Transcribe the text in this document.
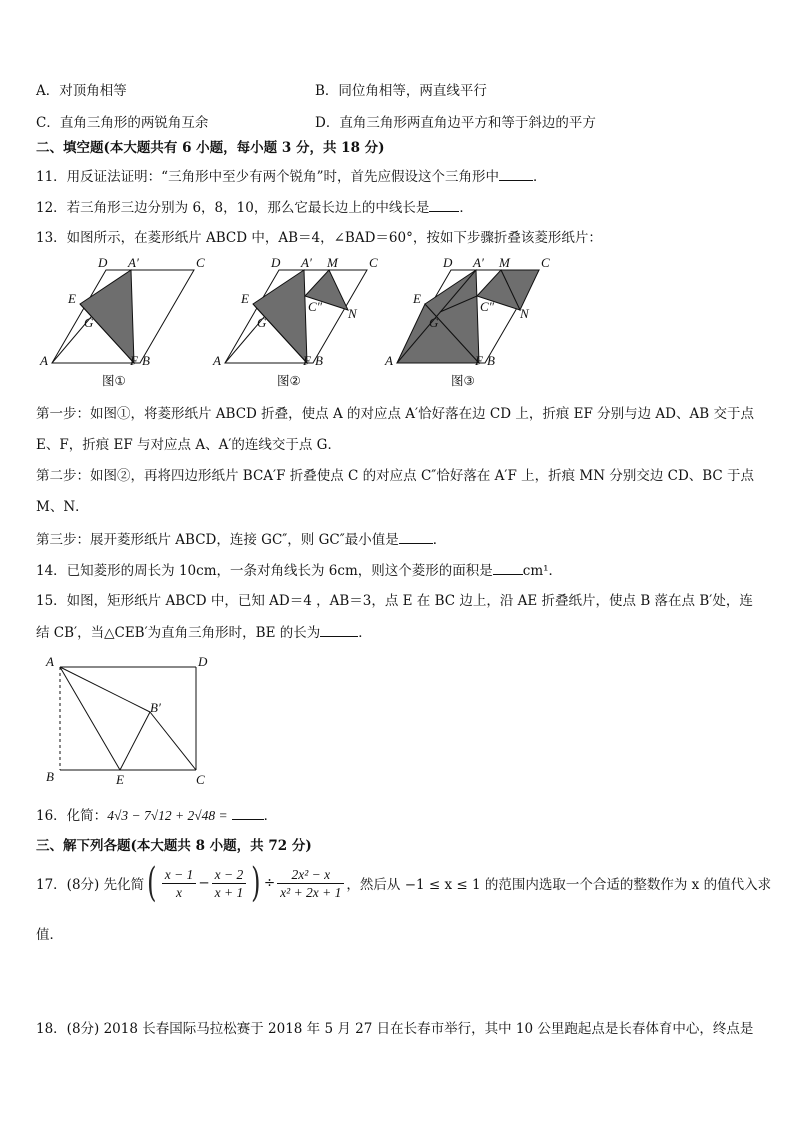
A．对顶角相等	B．同位角相等，两直线平行
C．直角三角形的两锐角互余	D．直角三角形两直角边平方和等于斜边的平方
二、填空题(本大题共有 6 小题，每小题 3 分，共 18 分)
11．用反证法证明：“三角形中至少有两个锐角”时，首先应假设这个三角形中	．
12．若三角形三边分别为 6，8，10，那么它最长边上的中线长是 ．
13．如图所示，在菱形纸片 ABCD 中，AB＝4，∠BAD＝60°，按如下步骤折叠该菱形纸片：
D A′	C
E
G
A	F B
图①
D A′ M C
C″ N
E
G
A	F B
图②
D A′ M C
C″ N
E
G
A	F B
图③
第一步：如图①，将菱形纸片 ABCD 折叠，使点 A 的对应点 A′恰好落在边 CD 上，折痕 EF 分别与边 AD、AB 交于点
E、F，折痕 EF 与对应点 A、A′的连线交于点 G．
第二步：如图②，再将四边形纸片 BCA′F 折叠使点 C 的对应点 C″恰好落在 A′F 上，折痕 MN 分别交边 CD、BC 于点
M、N．
第三步：展开菱形纸片 ABCD，连接 GC″，则 GC″最小值是	．
14．已知菱形的周长为 10cm，一条对角线长为 6cm，则这个菱形的面积是 cm¹．
15．如图，矩形纸片 ABCD 中，已知 AD＝4 ，AB＝3，点 E 在 BC 边上，沿 AE 折叠纸片，使点 B 落在点 B′处，连
结 CB′，当△CEB′为直角三角形时，BE 的长为	．
A	D
B	E	C
B′
16．化简：4√3 − 7√12 + 2√48 =	．
三、解下列各题(本大题共 8 小题，共 72 分)
17．(8分) 先化简( $\frac{x - 1}{x} - \frac{x - 2}{x + 1}$ ) ÷ $\frac{\text{2x² − x}}{\text{x² + 2x + 1}}$ ，然后从 −1 ≤ x ≤ 1 的范围内选取一个合适的整数作为 x 的值代入求
值．
18．(8分) 2018 长春国际马拉松赛于 2018 年 5 月 27 日在长春市举行，其中 10 公里跑起点是长春体育中心，终点是
